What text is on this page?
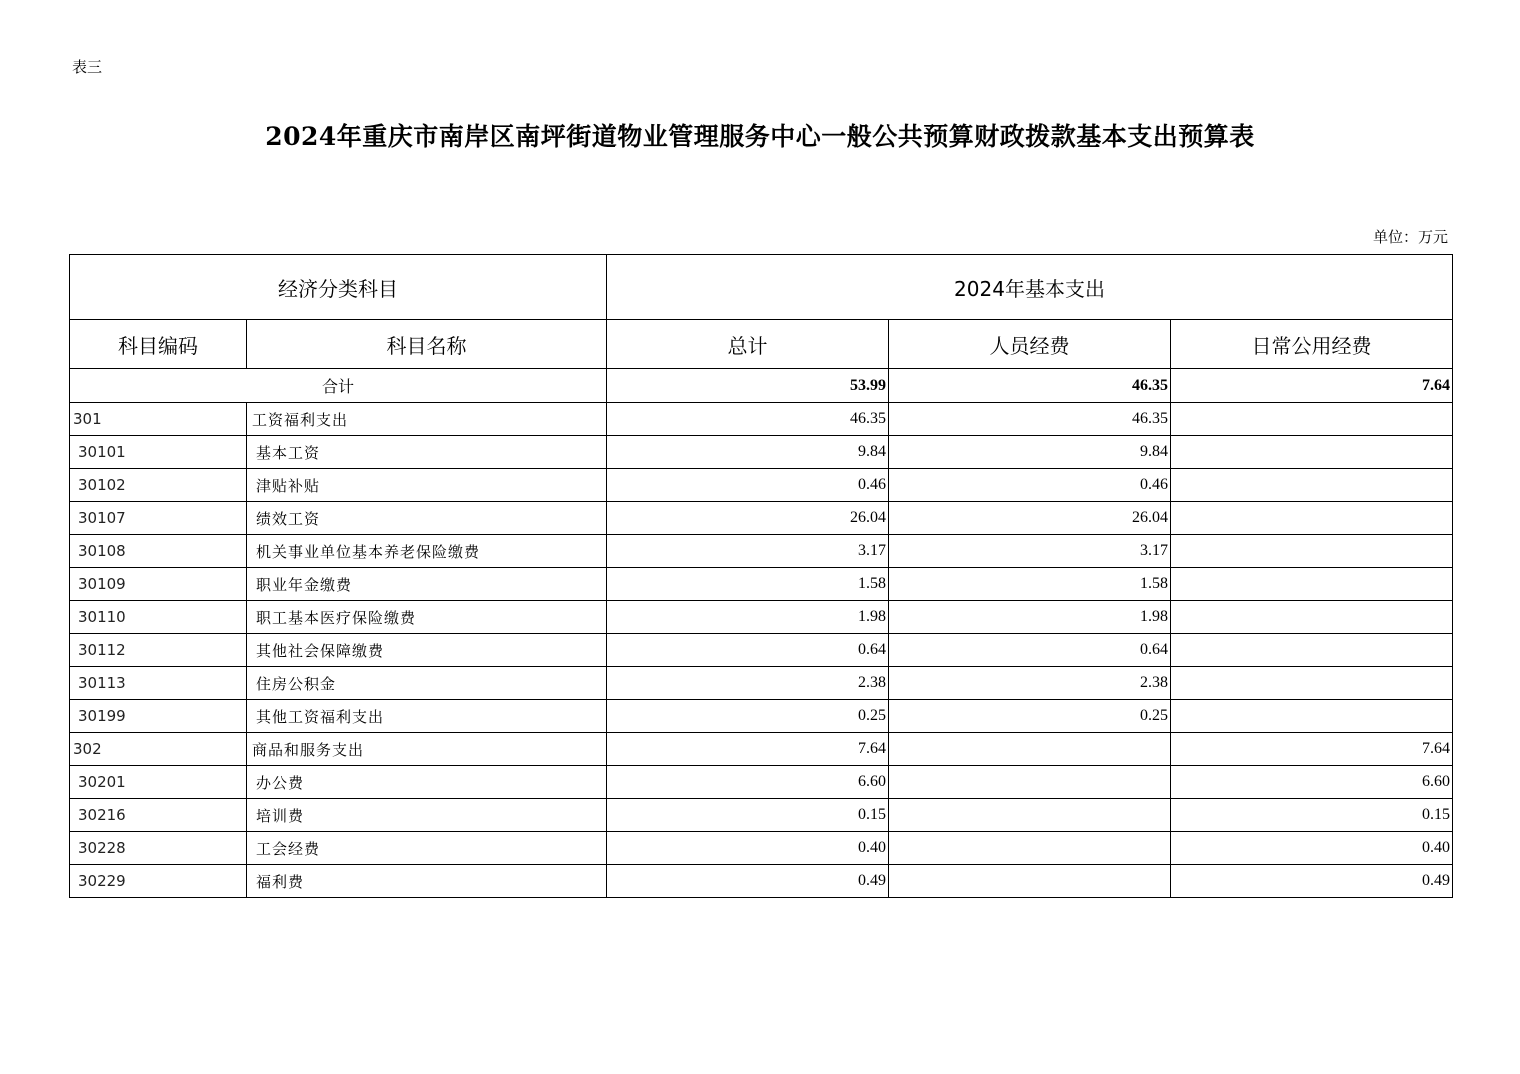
表三
2024年重庆市南岸区南坪街道物业管理服务中心一般公共预算财政拨款基本支出预算表
单位：万元
经济分类科目		2024年基本支出		
科目编码	科目名称	总计	人员经费	日常公用经费
合计		53.99	46.35	7.64
301	工资福利支出	46.35	46.35	
30101	基本工资	9.84	9.84	
30102	津贴补贴	0.46	0.46	
30107	绩效工资	26.04	26.04	
30108	机关事业单位基本养老保险缴费	3.17	3.17	
30109	职业年金缴费	1.58	1.58	
30110	职工基本医疗保险缴费	1.98	1.98	
30112	其他社会保障缴费	0.64	0.64	
30113	住房公积金	2.38	2.38	
30199	其他工资福利支出	0.25	0.25	
302	商品和服务支出	7.64		7.64
30201	办公费	6.60		6.60
30216	培训费	0.15		0.15
30228	工会经费	0.40		0.40
30229	福利费	0.49		0.49
